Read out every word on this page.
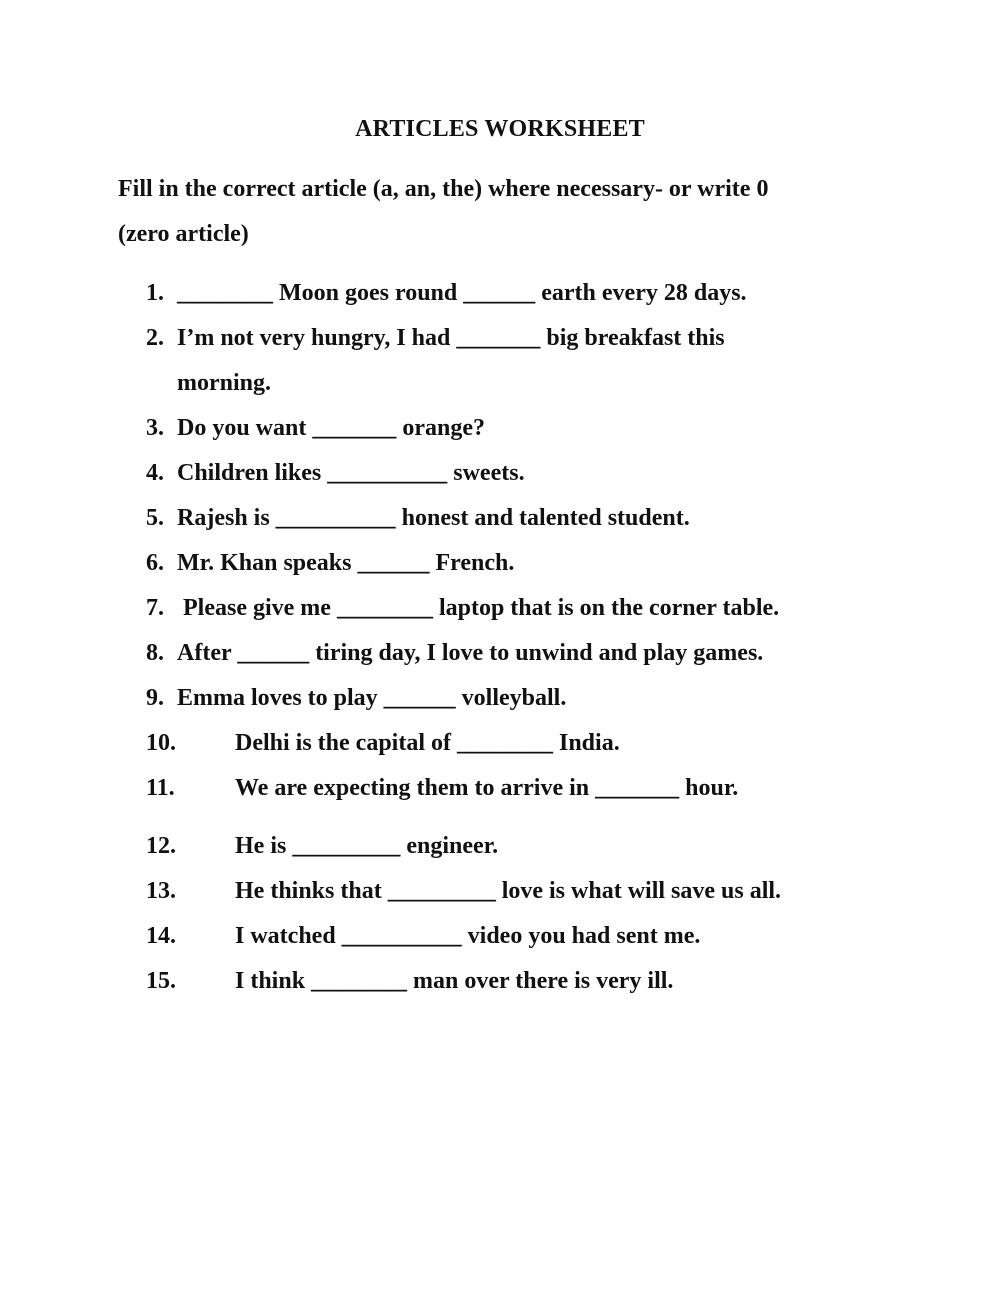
ARTICLES WORKSHEET
Fill in the correct article (a, an, the) where necessary- or write 0
(zero article)
1. ________ Moon goes round ______ earth every 28 days.
2. I’m not very hungry, I had _______ big breakfast this
morning.
3. Do you want _______ orange?
4. Children likes __________ sweets.
5. Rajesh is __________ honest and talented student.
6. Mr. Khan speaks ______ French.
7. Please give me ________ laptop that is on the corner table.
8. After ______ tiring day, I love to unwind and play games.
9. Emma loves to play ______ volleyball.
10. Delhi is the capital of ________ India.
11.	We are expecting them to arrive in _______ hour.
12. He is _________ engineer.
13. He thinks that _________ love is what will save us all.
14. I watched __________ video you had sent me.
15. I think ________ man over there is very ill.
